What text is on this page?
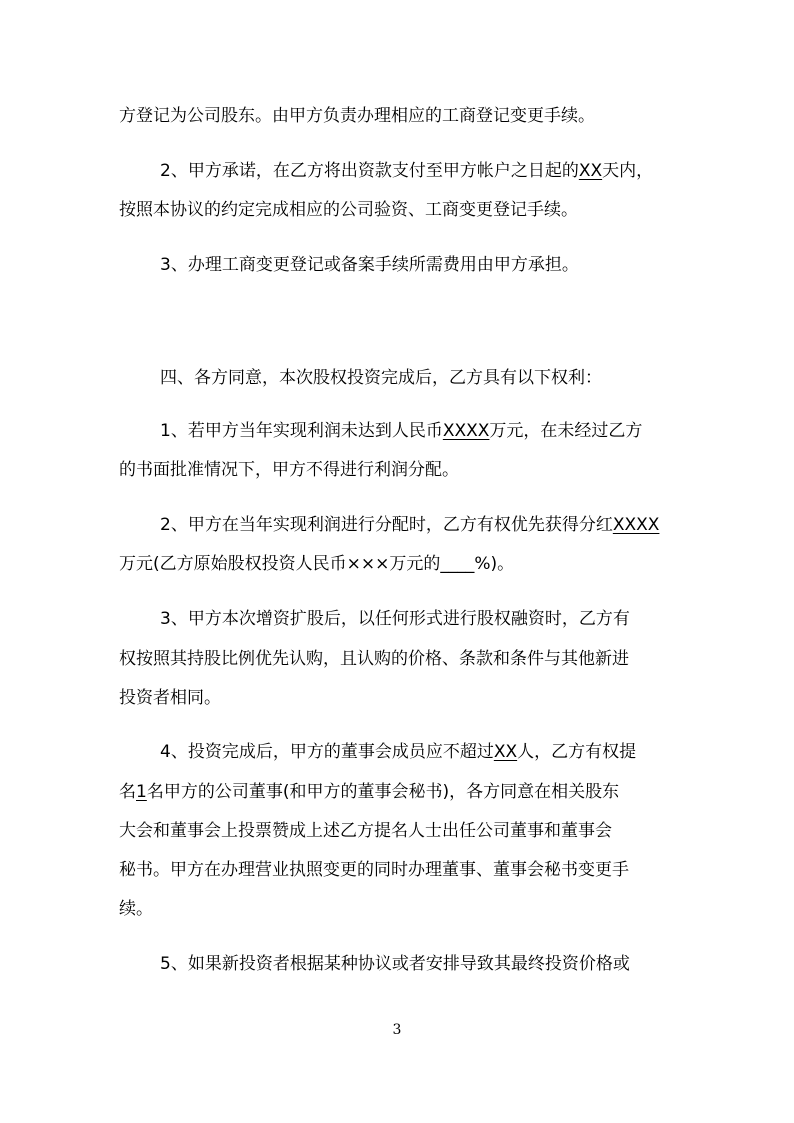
方登记为公司股东。由甲方负责办理相应的工商登记变更手续。
2、甲方承诺，在乙方将出资款支付至甲方帐户之日起的XX天内，
按照本协议的约定完成相应的公司验资、工商变更登记手续。
3、办理工商变更登记或备案手续所需费用由甲方承担。
四、各方同意，本次股权投资完成后，乙方具有以下权利：
1、若甲方当年实现利润未达到人民币XXXX万元，在未经过乙方
的书面批准情况下，甲方不得进行利润分配。
2、甲方在当年实现利润进行分配时，乙方有权优先获得分红XXXX
万元(乙方原始股权投资人民币×××万元的____%)。
3、甲方本次增资扩股后，以任何形式进行股权融资时，乙方有
权按照其持股比例优先认购，且认购的价格、条款和条件与其他新进
投资者相同。
4、投资完成后，甲方的董事会成员应不超过XX人，乙方有权提
名1名甲方的公司董事(和甲方的董事会秘书)，各方同意在相关股东
大会和董事会上投票赞成上述乙方提名人士出任公司董事和董事会
秘书。甲方在办理营业执照变更的同时办理董事、董事会秘书变更手
续。
5、如果新投资者根据某种协议或者安排导致其最终投资价格或
3
